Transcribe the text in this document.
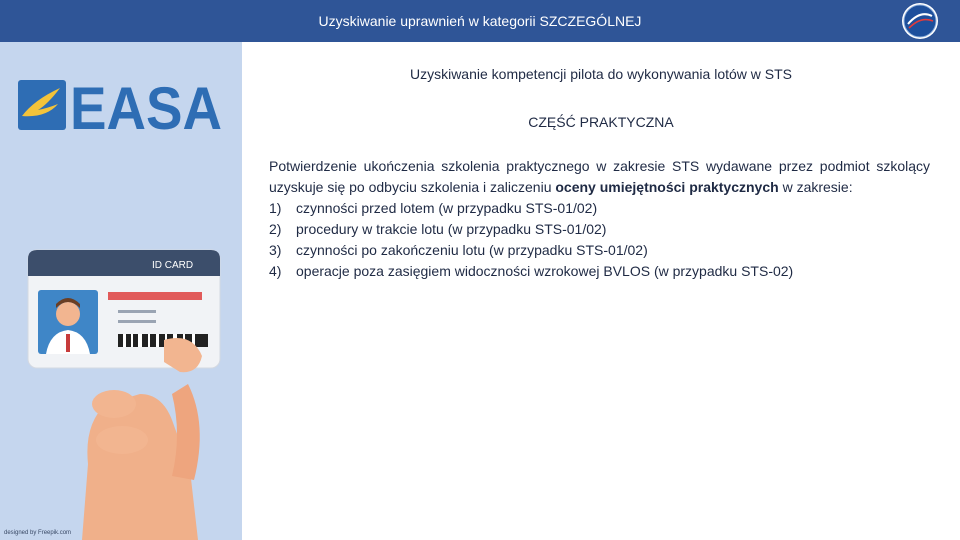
Uzyskiwanie uprawnień w kategorii SZCZEGÓLNEJ
EASA
ID CARD
designed by Freepik.com
Uzyskiwanie kompetencji pilota do wykonywania lotów w STS
CZĘŚĆ PRAKTYCZNA

Potwierdzenie ukończenia szkolenia praktycznego w zakresie STS wydawane przez podmiot szkolący uzyskuje się po odbyciu szkolenia i zaliczeniu oceny umiejętności praktycznych w zakresie:

1)	czynności przed lotem (w przypadku STS-01/02)
2)	procedury w trakcie lotu (w przypadku STS-01/02)
3)	czynności po zakończeniu lotu (w przypadku STS-01/02)
4)	operacje poza zasięgiem widoczności wzrokowej BVLOS (w przypadku STS-02)
